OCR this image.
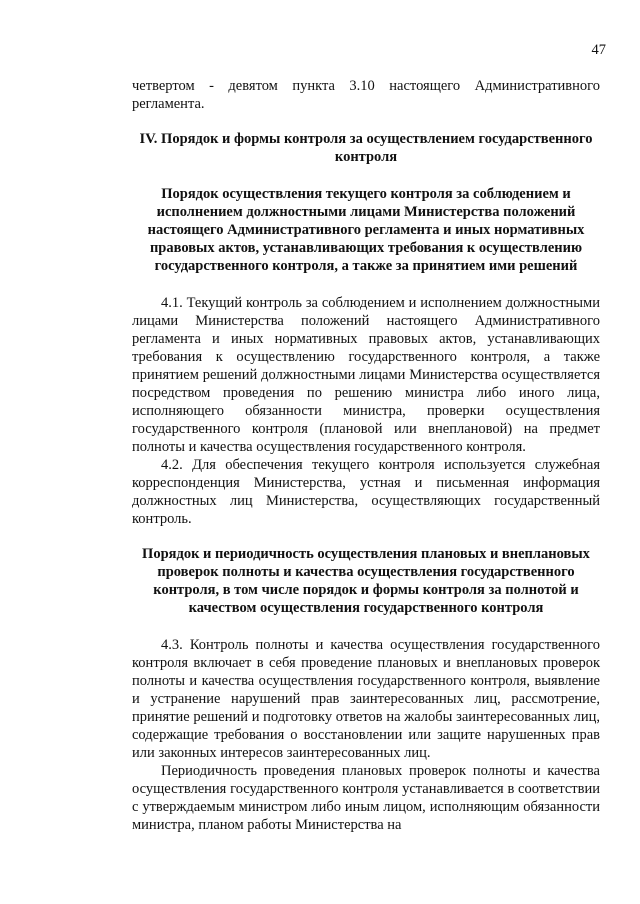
47

четвертом - девятом пункта 3.10 настоящего Административного регламента.

IV. Порядок и формы контроля за осуществлением государственного контроля
Порядок осуществления текущего контроля за соблюдением и исполнением должностными лицами Министерства положений настоящего Административного регламента и иных нормативных правовых актов, устанавливающих требования к осуществлению государственного контроля, а также за принятием ими решений

4.1. Текущий контроль за соблюдением и исполнением должностными лицами Министерства положений настоящего Административного регламента и иных нормативных правовых актов, устанавливающих требования к осуществлению государственного контроля, а также принятием решений должностными лицами Министерства осуществляется посредством проведения по решению министра либо иного лица, исполняющего обязанности министра, проверки осуществления государственного контроля (плановой или внеплановой) на предмет полноты и качества осуществления государственного контроля.

4.2. Для обеспечения текущего контроля используется служебная корреспонденция Министерства, устная и письменная информация должностных лиц Министерства, осуществляющих государственный контроль.

Порядок и периодичность осуществления плановых и внеплановых проверок полноты и качества осуществления государственного контроля, в том числе порядок и формы контроля за полнотой и качеством осуществления государственного контроля

4.3. Контроль полноты и качества осуществления государственного контроля включает в себя проведение плановых и внеплановых проверок полноты и качества осуществления государственного контроля, выявление и устранение нарушений прав заинтересованных лиц, рассмотрение, принятие решений и подготовку ответов на жалобы заинтересованных лиц, содержащие требования о восстановлении или защите нарушенных прав или законных интересов заинтересованных лиц.

Периодичность проведения плановых проверок полноты и качества осуществления государственного контроля устанавливается в соответствии с утверждаемым министром либо иным лицом, исполняющим обязанности министра, планом работы Министерства на
